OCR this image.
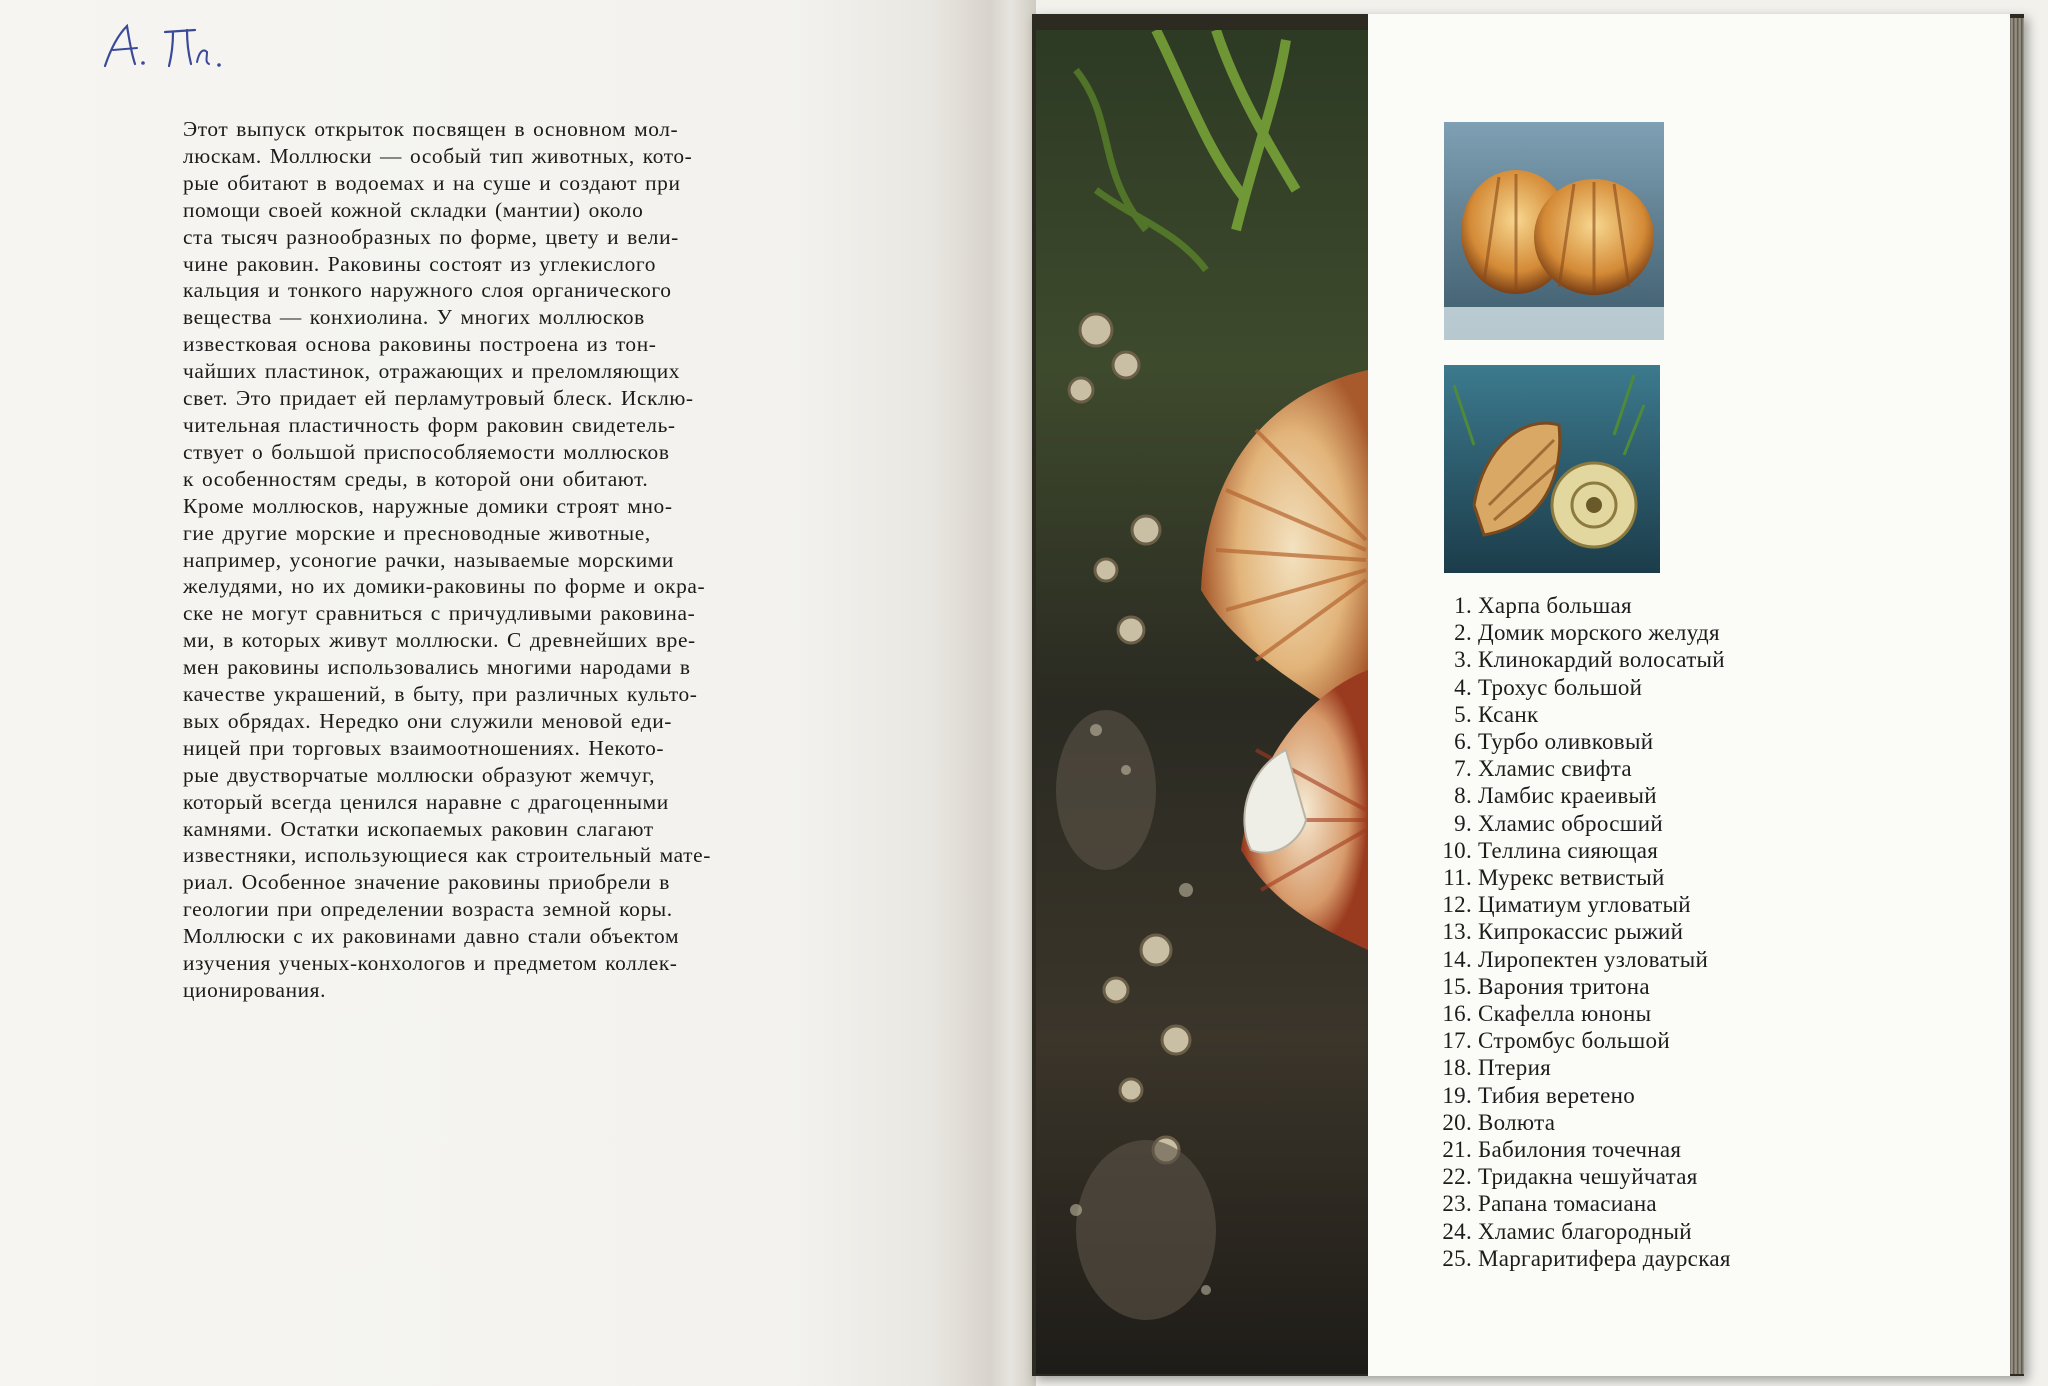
Этот выпуск открыток посвящен в основном мол-
люскам. Моллюски — особый тип животных, кото-
рые обитают в водоемах и на суше и создают при
помощи своей кожной складки (мантии) около
ста тысяч разнообразных по форме, цвету и вели-
чине раковин. Раковины состоят из углекислого
кальция и тонкого наружного слоя органического
вещества — конхиолина. У многих моллюсков
известковая основа раковины построена из тон-
чайших пластинок, отражающих и преломляющих
свет. Это придает ей перламутровый блеск. Исклю-
чительная пластичность форм раковин свидетель-
ствует о большой приспособляемости моллюсков
к особенностям среды, в которой они обитают.
Кроме моллюсков, наружные домики строят мно-
гие другие морские и пресноводные животные,
например, усоногие рачки, называемые морскими
желудями, но их домики-раковины по форме и окра-
ске не могут сравниться с причудливыми раковина-
ми, в которых живут моллюски. С древнейших вре-
мен раковины использовались многими народами в
качестве украшений, в быту, при различных культо-
вых обрядах. Нередко они служили меновой еди-
ницей при торговых взаимоотношениях. Некото-
рые двустворчатые моллюски образуют жемчуг,
который всегда ценился наравне с драгоценными
камнями. Остатки ископаемых раковин слагают
известняки, использующиеся как строительный мате-
риал. Особенное значение раковины приобрели в
геологии при определении возраста земной коры.
Моллюски с их раковинами давно стали объектом
изучения ученых-конхологов и предметом коллек-
ционирования.
1. Харпа большая
2. Домик морского желудя
3. Клинокардий волосатый
4. Трохус большой
5. Ксанк
6. Турбо оливковый
7. Хламис свифта
8. Ламбис краеивый
9. Хламис обросший
10. Теллина сияющая
11. Мурекс ветвистый
12. Циматиум угловатый
13. Кипрокассис рыжий
14. Лиропектен узловатый
15. Варония тритона
16. Скафелла юноны
17. Стромбус большой
18. Птерия
19. Тибия веретено
20. Волюта
21. Бабилония точечная
22. Тридакна чешуйчатая
23. Рапана томасиана
24. Хламис благородный
25. Маргаритифера даурская
